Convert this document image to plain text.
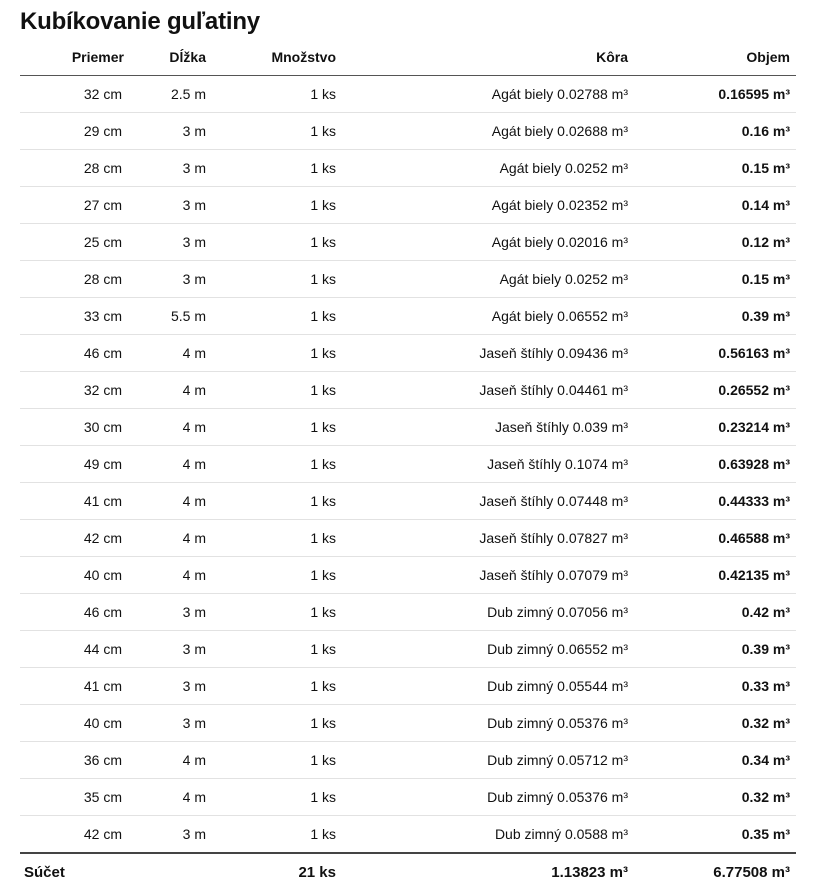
Kubíkovanie guľatiny
Priemer	Dĺžka	Množstvo	Kôra	Objem
32 cm	2.5 m	1 ks	Agát biely 0.02788 m³	0.16595 m³
29 cm	3 m	1 ks	Agát biely 0.02688 m³	0.16 m³
28 cm	3 m	1 ks	Agát biely 0.0252 m³	0.15 m³
27 cm	3 m	1 ks	Agát biely 0.02352 m³	0.14 m³
25 cm	3 m	1 ks	Agát biely 0.02016 m³	0.12 m³
28 cm	3 m	1 ks	Agát biely 0.0252 m³	0.15 m³
33 cm	5.5 m	1 ks	Agát biely 0.06552 m³	0.39 m³
46 cm	4 m	1 ks	Jaseň štíhly 0.09436 m³	0.56163 m³
32 cm	4 m	1 ks	Jaseň štíhly 0.04461 m³	0.26552 m³
30 cm	4 m	1 ks	Jaseň štíhly 0.039 m³	0.23214 m³
49 cm	4 m	1 ks	Jaseň štíhly 0.1074 m³	0.63928 m³
41 cm	4 m	1 ks	Jaseň štíhly 0.07448 m³	0.44333 m³
42 cm	4 m	1 ks	Jaseň štíhly 0.07827 m³	0.46588 m³
40 cm	4 m	1 ks	Jaseň štíhly 0.07079 m³	0.42135 m³
46 cm	3 m	1 ks	Dub zimný 0.07056 m³	0.42 m³
44 cm	3 m	1 ks	Dub zimný 0.06552 m³	0.39 m³
41 cm	3 m	1 ks	Dub zimný 0.05544 m³	0.33 m³
40 cm	3 m	1 ks	Dub zimný 0.05376 m³	0.32 m³
36 cm	4 m	1 ks	Dub zimný 0.05712 m³	0.34 m³
35 cm	4 m	1 ks	Dub zimný 0.05376 m³	0.32 m³
42 cm	3 m	1 ks	Dub zimný 0.0588 m³	0.35 m³
Súčet		21 ks	1.13823 m³	6.77508 m³
